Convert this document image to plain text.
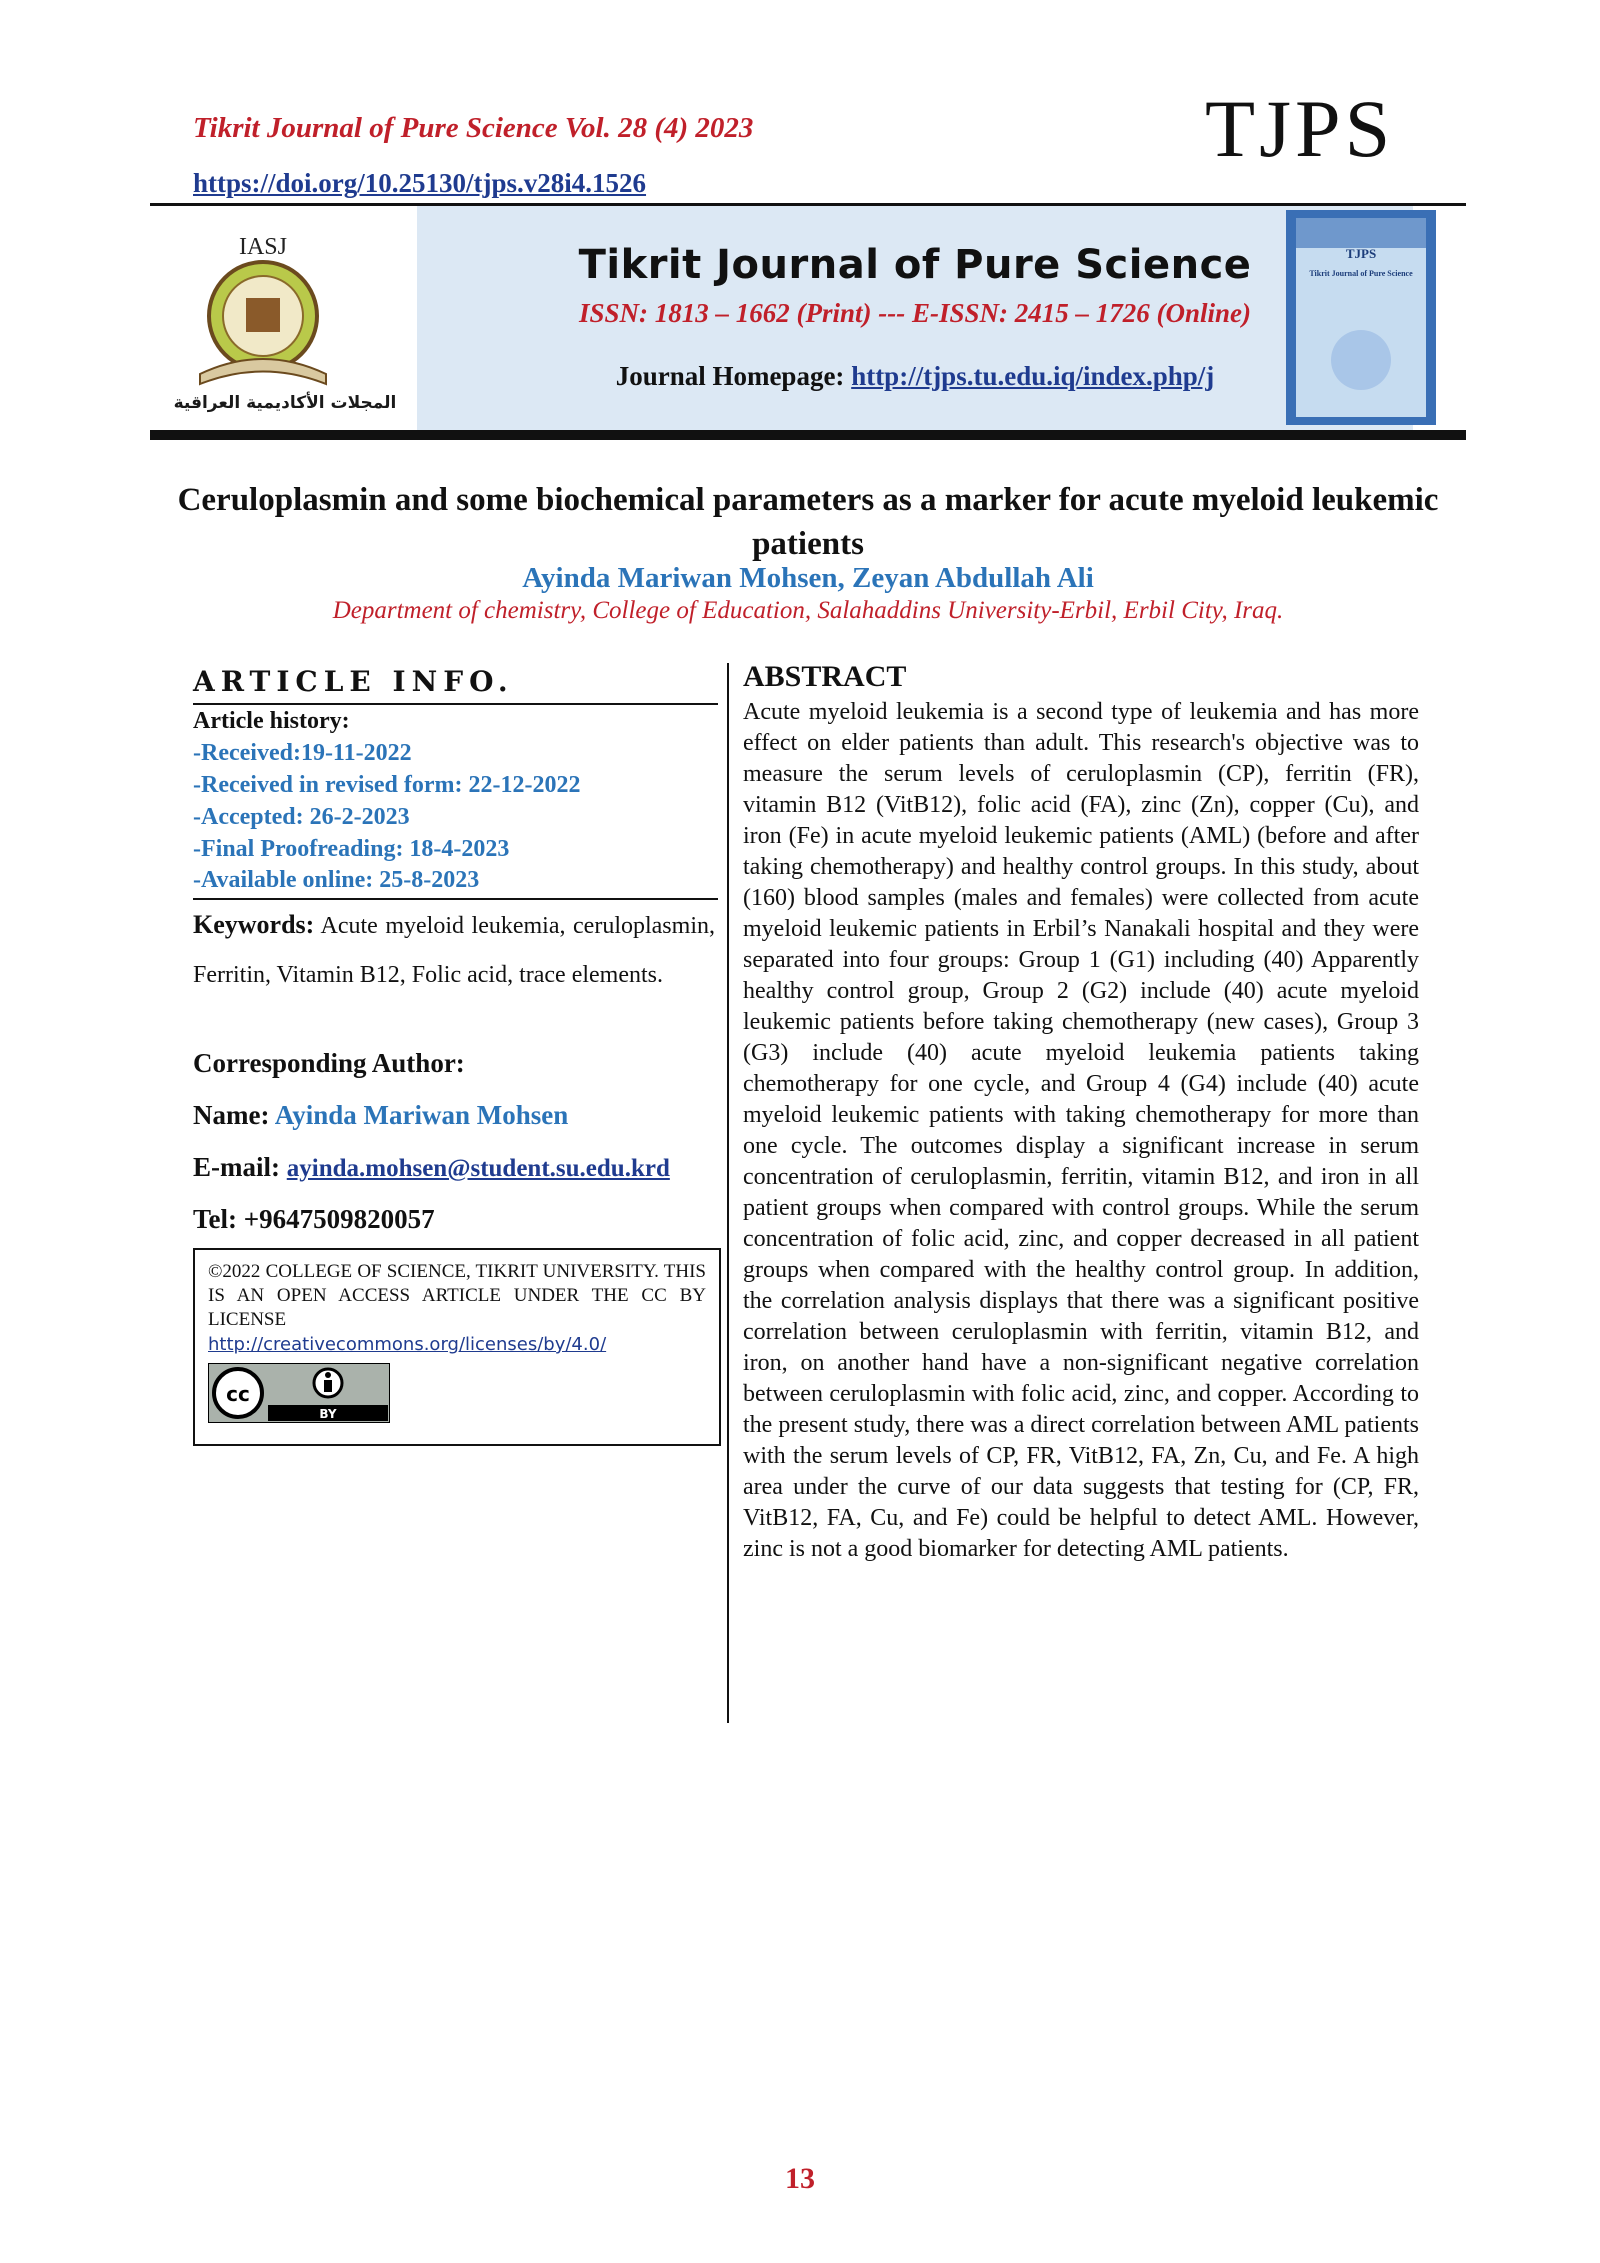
Tikrit Journal of Pure Science Vol. 28 (4) 2023	TJPS
https://doi.org/10.25130/tjps.v28i4.1526
IASJ
المجلات الأكاديمية العراقية
Tikrit Journal of Pure Science
ISSN: 1813 – 1662 (Print) --- E-ISSN: 2415 – 1726 (Online)
Journal Homepage: http://tjps.tu.edu.iq/index.php/j
TJPS
Tikrit Journal of Pure Science
Ceruloplasmin and some biochemical parameters as a marker for acute myeloid leukemic patients
Ayinda Mariwan Mohsen, Zeyan Abdullah Ali
Department of chemistry, College of Education, Salahaddins University-Erbil, Erbil City, Iraq.
ARTICLE INFO.
Article history:
-Received:19-11-2022
-Received in revised form: 22-12-2022
-Accepted: 26-2-2023
-Final Proofreading: 18-4-2023
-Available online: 25-8-2023
Keywords: Acute myeloid leukemia, ceruloplasmin, Ferritin, Vitamin B12, Folic acid, trace elements.
Corresponding Author:
Name: Ayinda Mariwan Mohsen
E-mail: ayinda.mohsen@student.su.edu.krd
Tel: +9647509820057
©2022 COLLEGE OF SCIENCE, TIKRIT UNIVERSITY. THIS IS AN OPEN ACCESS ARTICLE UNDER THE CC BY LICENSE
http://creativecommons.org/licenses/by/4.0/
cc
BY
ABSTRACT
Acute myeloid leukemia is a second type of leukemia and has more effect on elder patients than adult. This research's objective was to measure the serum levels of ceruloplasmin (CP), ferritin (FR), vitamin B12 (VitB12), folic acid (FA), zinc (Zn), copper (Cu), and iron (Fe) in acute myeloid leukemic patients (AML) (before and after taking chemotherapy) and healthy control groups. In this study, about (160) blood samples (males and females) were collected from acute myeloid leukemic patients in Erbil’s Nanakali hospital and they were separated into four groups: Group 1 (G1) including (40) Apparently healthy control group, Group 2 (G2) include (40) acute myeloid leukemic patients before taking chemotherapy (new cases), Group 3 (G3) include (40) acute myeloid leukemia patients taking chemotherapy for one cycle, and Group 4 (G4) include (40) acute myeloid leukemic patients with taking chemotherapy for more than one cycle. The outcomes display a significant increase in serum concentration of ceruloplasmin, ferritin, vitamin B12, and iron in all patient groups when compared with control groups. While the serum concentration of folic acid, zinc, and copper decreased in all patient groups when compared with the healthy control group. In addition, the correlation analysis displays that there was a significant positive correlation between ceruloplasmin with ferritin, vitamin B12, and iron, on another hand have a non-significant negative correlation between ceruloplasmin with folic acid, zinc, and copper. According to the present study, there was a direct correlation between AML patients with the serum levels of CP, FR, VitB12, FA, Zn, Cu, and Fe. A high area under the curve of our data suggests that testing for (CP, FR, VitB12, FA, Cu, and Fe) could be helpful to detect AML. However, zinc is not a good biomarker for detecting AML patients.
13
